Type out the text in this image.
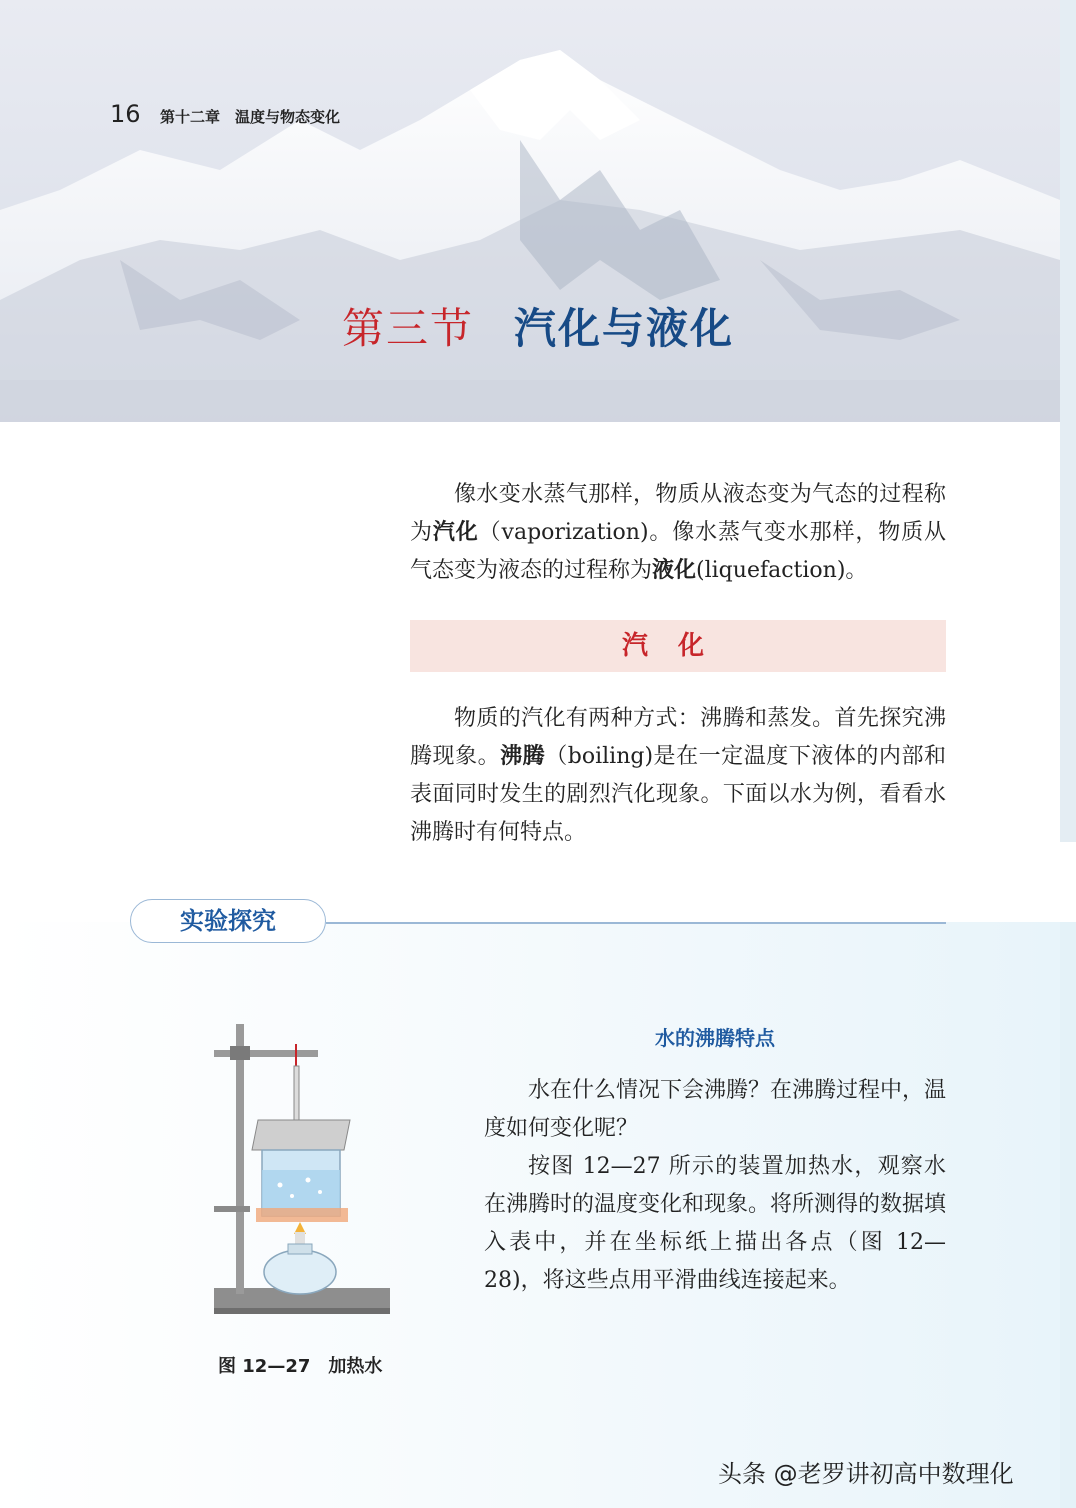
16 第十二章　温度与物态变化
第三节 汽化与液化
像水变水蒸气那样，物质从液态变为气态的过程称为汽化（vaporization)。像水蒸气变水那样，物质从气态变为液态的过程称为液化(liquefaction)。
汽化
物质的汽化有两种方式：沸腾和蒸发。首先探究沸腾现象。沸腾（boiling)是在一定温度下液体的内部和表面同时发生的剧烈汽化现象。下面以水为例，看看水沸腾时有何特点。
实验探究
水的沸腾特点
水在什么情况下会沸腾？在沸腾过程中，温度如何变化呢？
按图 12—27 所示的装置加热水，观察水在沸腾时的温度变化和现象。将所测得的数据填入表中，并在坐标纸上描出各点（图 12—28)，将这些点用平滑曲线连接起来。
图 12—27 加热水
头条 @老罗讲初高中数理化
